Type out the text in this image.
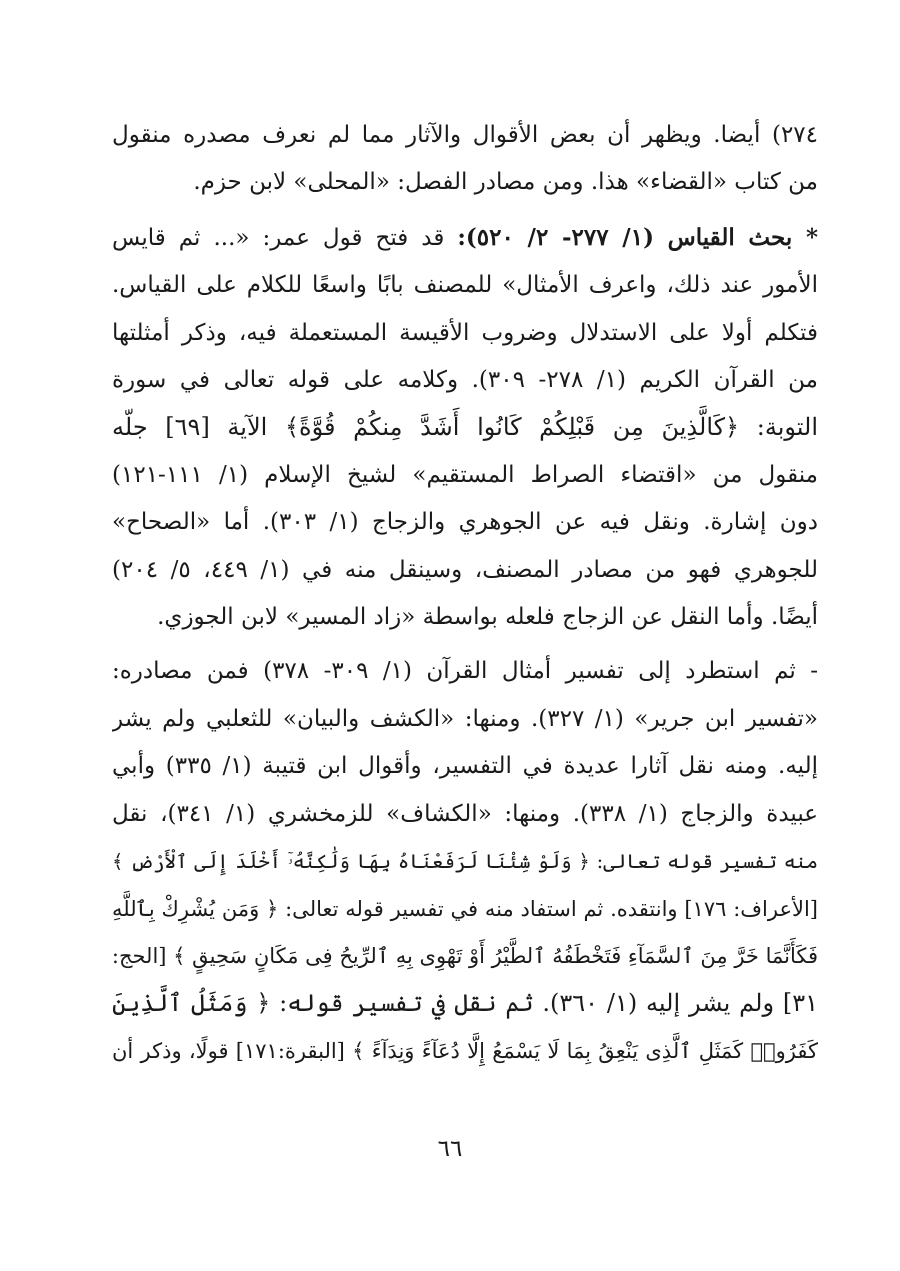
٢٧٤) أيضا. ويظهر أن بعض الأقوال والآثار مما لم نعرف مصدره منقول
من كتاب «القضاء» هذا. ومن مصادر الفصل: «المحلى» لابن حزم.

* بحث القياس (١/ ٢٧٧- ٢/ ٥٢٠): قد فتح قول عمر: «... ثم قايس
الأمور عند ذلك، واعرف الأمثال» للمصنف بابًا واسعًا للكلام على القياس.
فتكلم أولا على الاستدلال وضروب الأقيسة المستعملة فيه، وذكر أمثلتها
من القرآن الكريم (١/ ٢٧٨- ٣٠٩). وكلامه على قوله تعالى في سورة
التوبة: ﴿كَالَّذِينَ مِن قَبْلِكُمْ كَانُوا أَشَدَّ مِنكُمْ قُوَّةً﴾ الآية [٦٩] جلّه
منقول من «اقتضاء الصراط المستقيم» لشيخ الإسلام (١/ ١١١-١٢١)
دون إشارة. ونقل فيه عن الجوهري والزجاج (١/ ٣٠٣). أما «الصحاح»
للجوهري فهو من مصادر المصنف، وسينقل منه في (١/ ٤٤٩، ٥/ ٢٠٤)
أيضًا. وأما النقل عن الزجاج فلعله بواسطة «زاد المسير» لابن الجوزي.

- ثم استطرد إلى تفسير أمثال القرآن (١/ ٣٠٩- ٣٧٨) فمن مصادره:
«تفسير ابن جرير» (١/ ٣٢٧). ومنها: «الكشف والبيان» للثعلبي ولم يشر
إليه. ومنه نقل آثارا عديدة في التفسير، وأقوال ابن قتيبة (١/ ٣٣٥) وأبي
عبيدة والزجاج (١/ ٣٣٨). ومنها: «الكشاف» للزمخشري (١/ ٣٤١)، نقل
منه تفسير قوله تعالى: ﴿ وَلَوْ شِئْنَا لَرَفَعْنَاهُ بِهَا وَلَٰكِنَّهُۥٓ أَخْلَدَ إِلَى ٱلْأَرْضِ ﴾
[الأعراف: ١٧٦] وانتقده. ثم استفاد منه في تفسير قوله تعالى: ﴿ وَمَن يُشْرِكْ بِٱللَّهِ
فَكَأَنَّمَا خَرَّ مِنَ ٱلسَّمَآءِ فَتَخْطَفُهُ ٱلطَّيْرُ أَوْ تَهْوِى بِهِ ٱلرِّيحُ فِى مَكَانٍ سَحِيقٍ ﴾ [الحج:
٣١] ولم يشر إليه (١/ ٣٦٠). ثم نقل في تفسير قوله: ﴿ وَمَثَلُ ٱلَّذِينَ
كَفَرُوا۟ كَمَثَلِ ٱلَّذِى يَنْعِقُ بِمَا لَا يَسْمَعُ إِلَّا دُعَآءً وَنِدَآءً ﴾ [البقرة:١٧١] قولًا، وذكر أن

٦٦
